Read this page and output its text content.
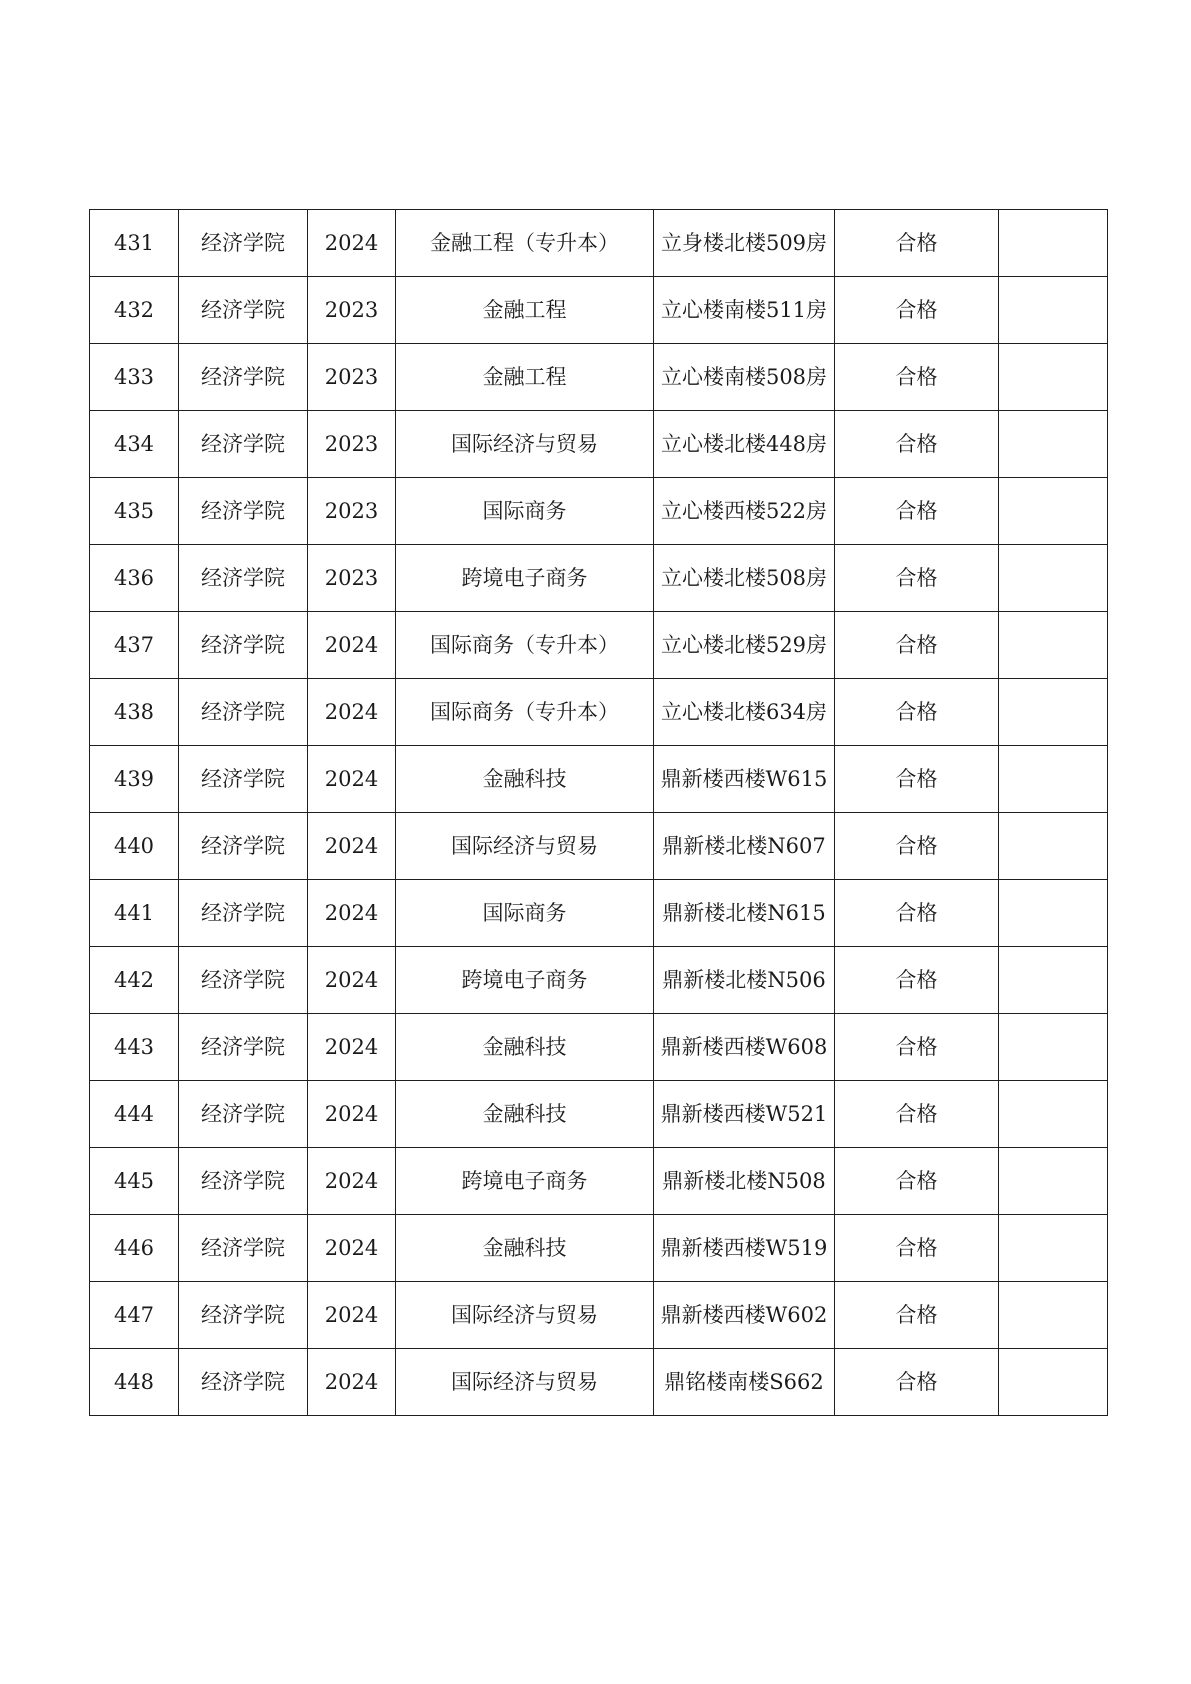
431	经济学院	2024	金融工程（专升本）	立身楼北楼509房	合格	
432	经济学院	2023	金融工程	立心楼南楼511房	合格	
433	经济学院	2023	金融工程	立心楼南楼508房	合格	
434	经济学院	2023	国际经济与贸易	立心楼北楼448房	合格	
435	经济学院	2023	国际商务	立心楼西楼522房	合格	
436	经济学院	2023	跨境电子商务	立心楼北楼508房	合格	
437	经济学院	2024	国际商务（专升本）	立心楼北楼529房	合格	
438	经济学院	2024	国际商务（专升本）	立心楼北楼634房	合格	
439	经济学院	2024	金融科技	鼎新楼西楼W615	合格	
440	经济学院	2024	国际经济与贸易	鼎新楼北楼N607	合格	
441	经济学院	2024	国际商务	鼎新楼北楼N615	合格	
442	经济学院	2024	跨境电子商务	鼎新楼北楼N506	合格	
443	经济学院	2024	金融科技	鼎新楼西楼W608	合格	
444	经济学院	2024	金融科技	鼎新楼西楼W521	合格	
445	经济学院	2024	跨境电子商务	鼎新楼北楼N508	合格	
446	经济学院	2024	金融科技	鼎新楼西楼W519	合格	
447	经济学院	2024	国际经济与贸易	鼎新楼西楼W602	合格	
448	经济学院	2024	国际经济与贸易	鼎铭楼南楼S662	合格	
